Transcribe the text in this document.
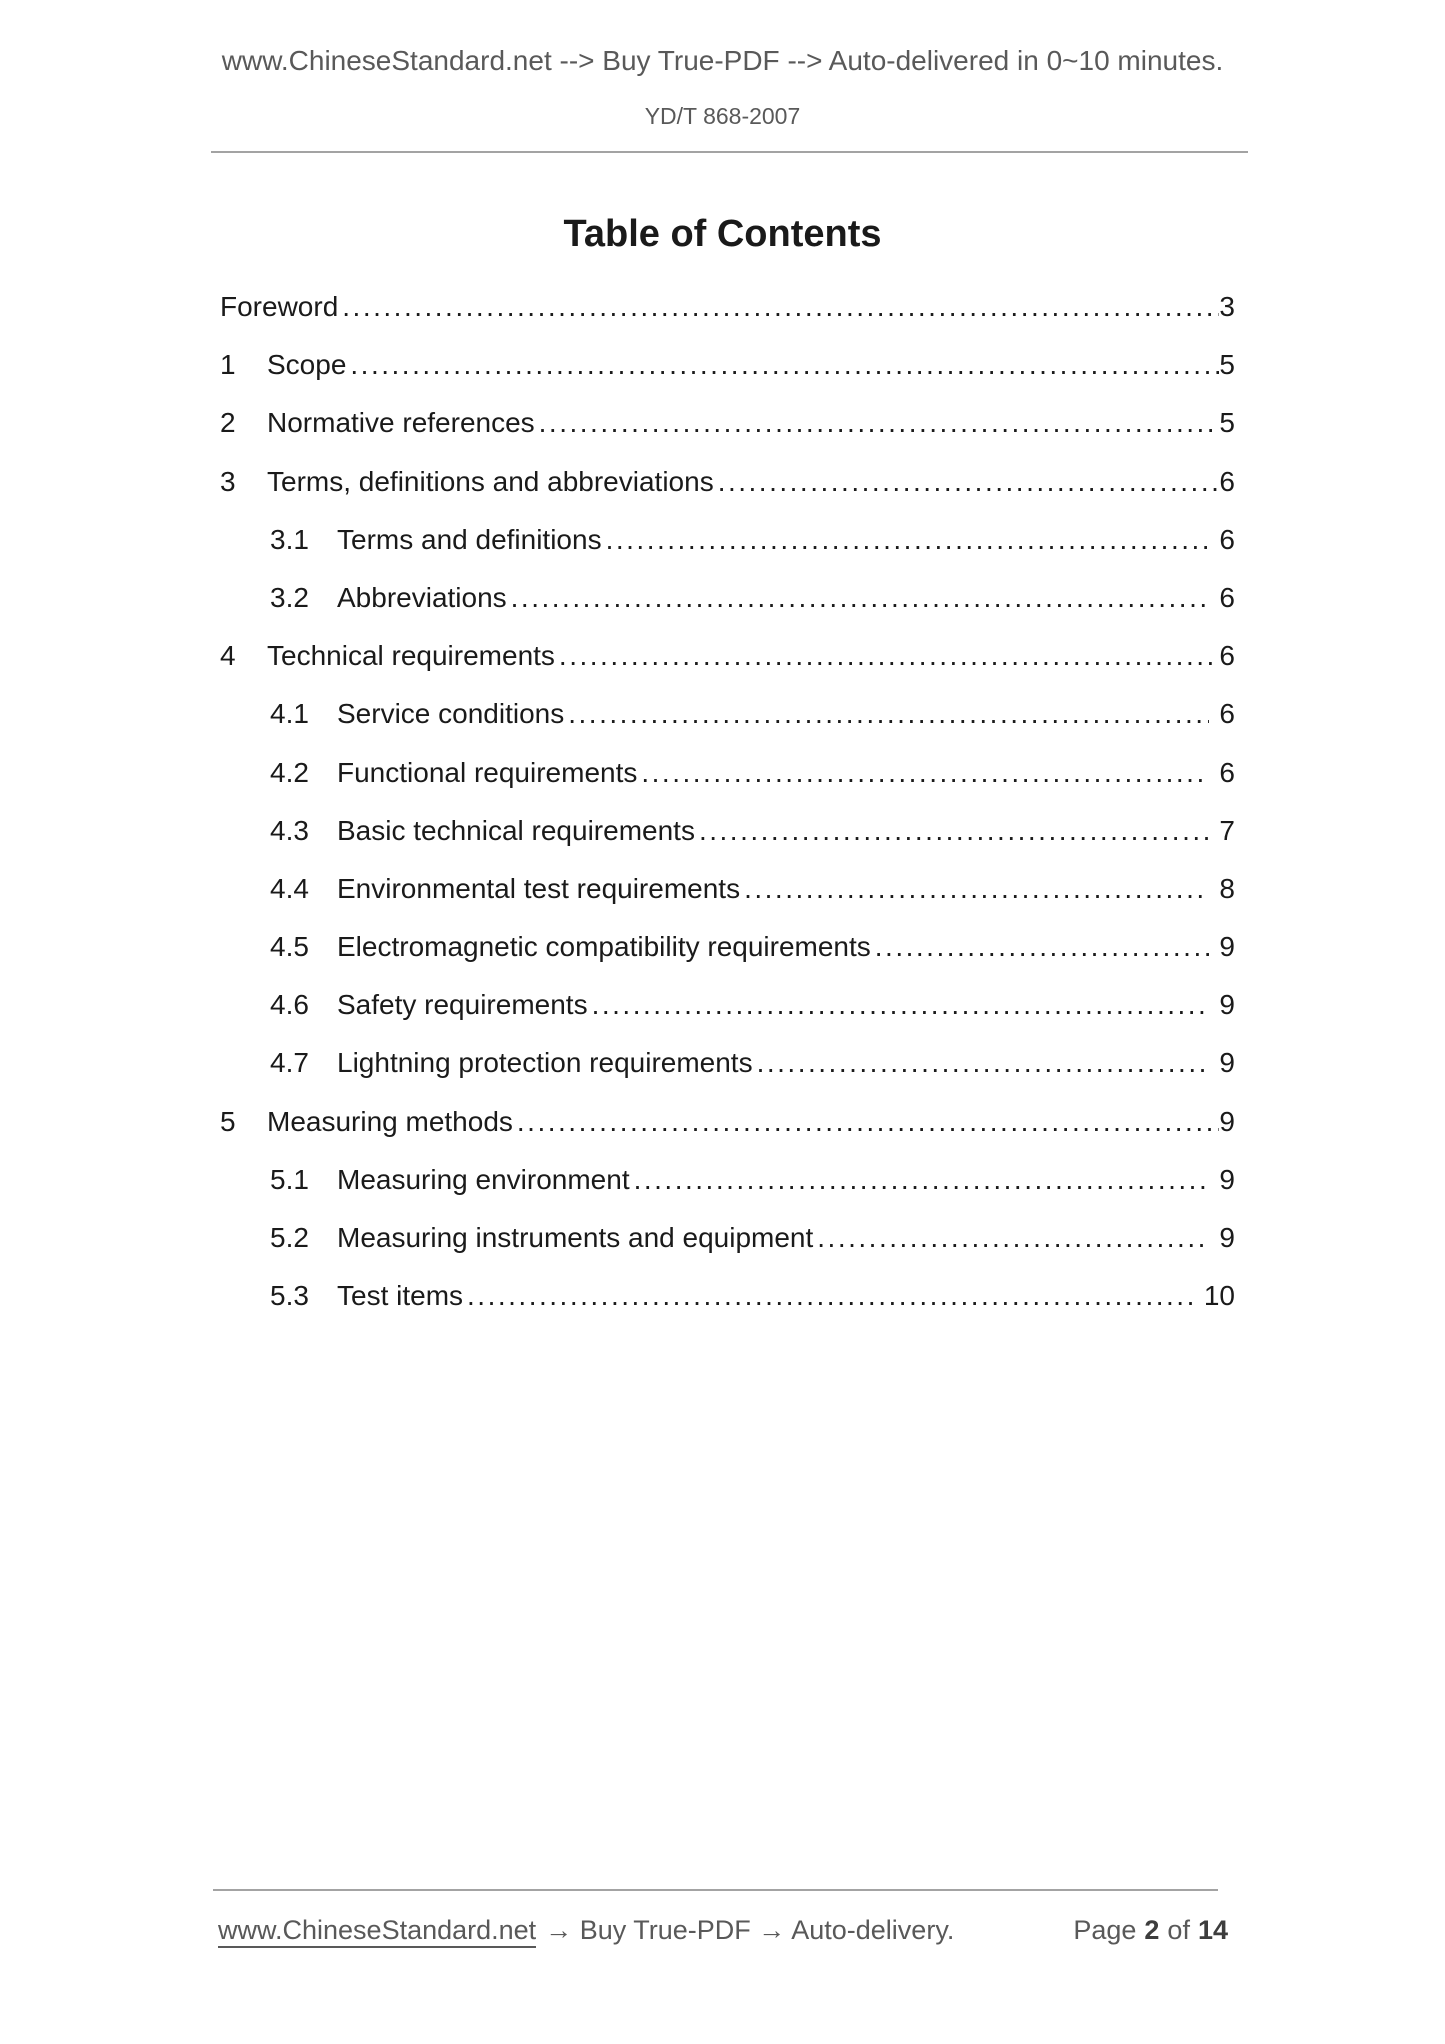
www.ChineseStandard.net --> Buy True-PDF --> Auto-delivered in 0~10 minutes.
YD/T 868-2007
Table of Contents
Foreword .....	3
1	Scope .....	5
2	Normative references .....	5
3	Terms, definitions and abbreviations .....	6
3.1	Terms and definitions .....	6
3.2	Abbreviations .....	6
4	Technical requirements .....	6
4.1	Service conditions .....	6
4.2	Functional requirements .....	6
4.3	Basic technical requirements .....	7
4.4	Environmental test requirements .....	8
4.5	Electromagnetic compatibility requirements .....	9
4.6	Safety requirements .....	9
4.7	Lightning protection requirements .....	9
5	Measuring methods .....	9
5.1	Measuring environment .....	9
5.2	Measuring instruments and equipment .....	9
5.3	Test items .....	10
www.ChineseStandard.net → Buy True-PDF → Auto-delivery.	Page 2 of 14
